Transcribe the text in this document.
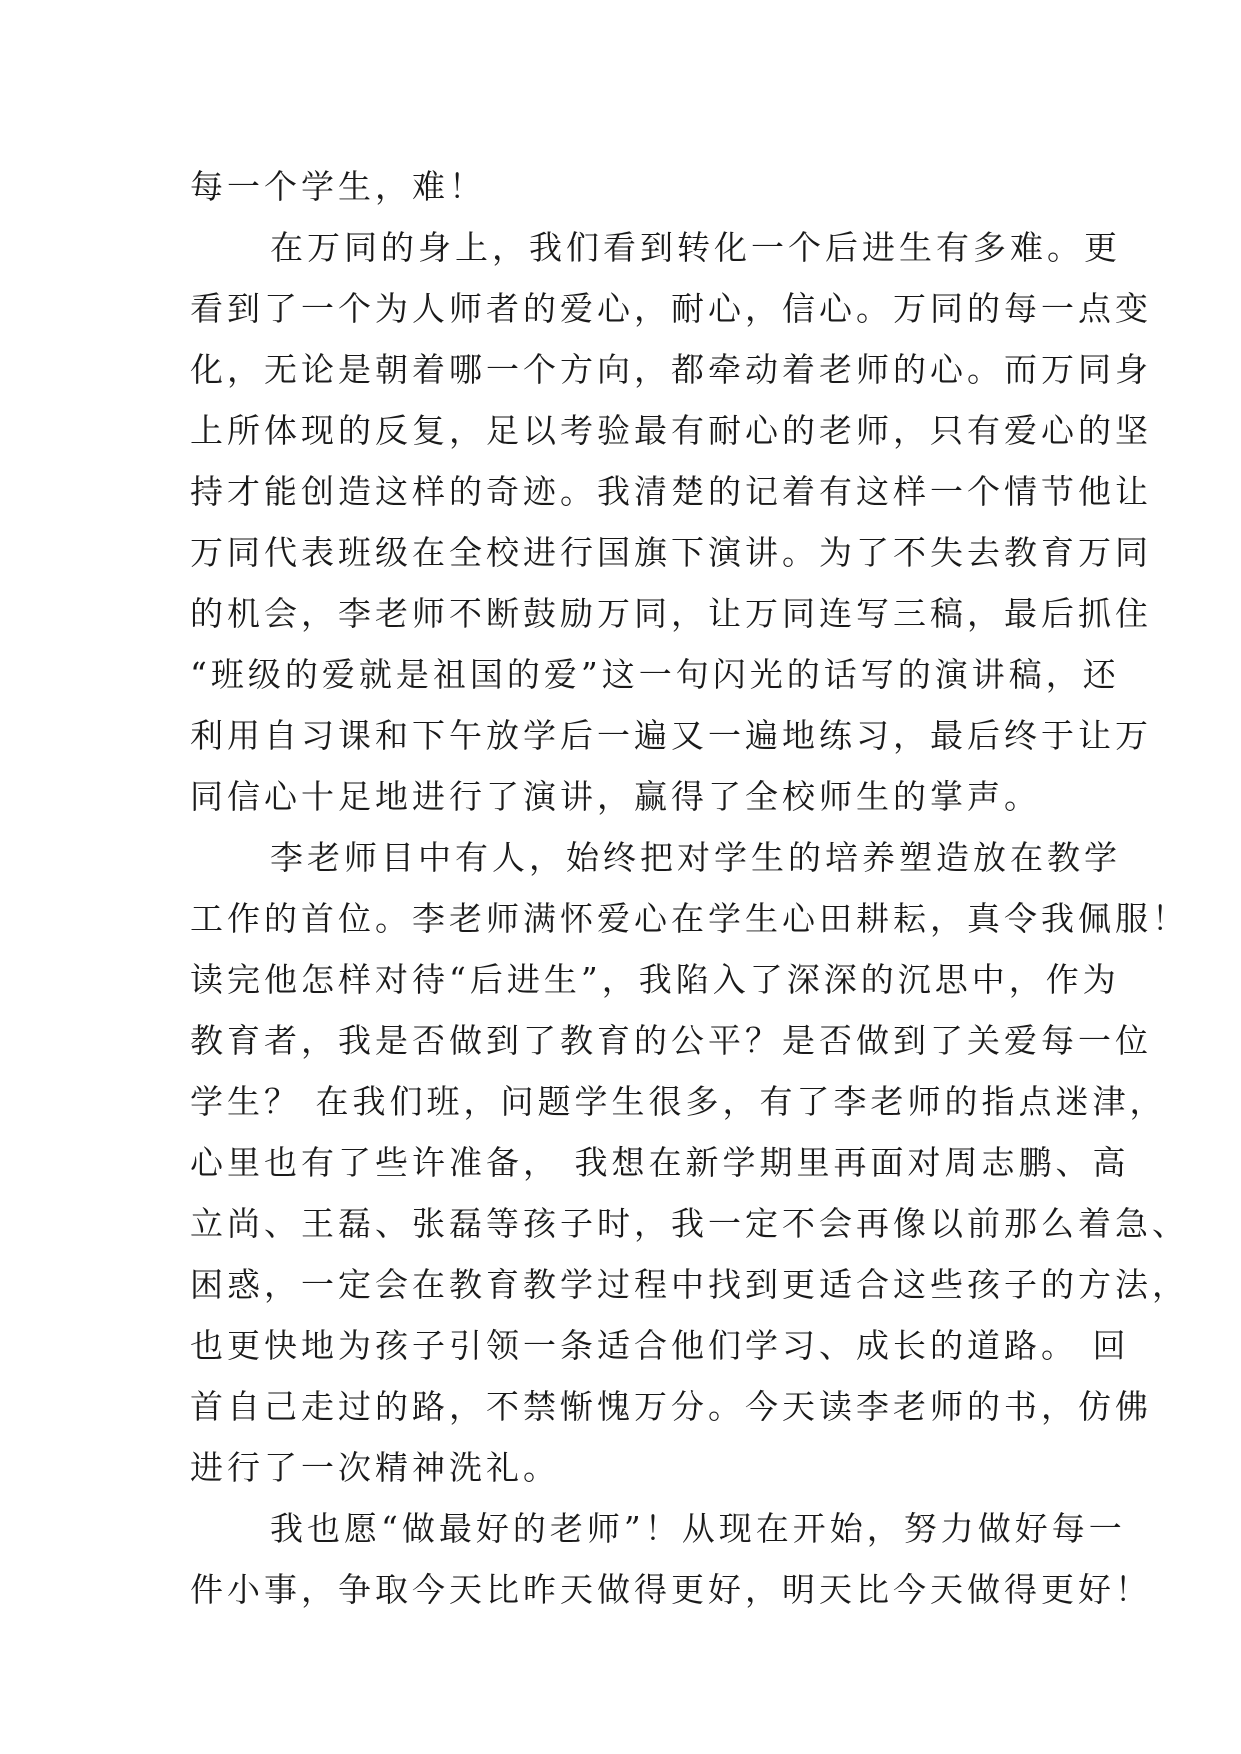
每一个学生，难！
在万同的身上，我们看到转化一个后进生有多难。更
看到了一个为人师者的爱心，耐心，信心。万同的每一点变
化，无论是朝着哪一个方向，都牵动着老师的心。而万同身
上所体现的反复，足以考验最有耐心的老师，只有爱心的坚
持才能创造这样的奇迹。我清楚的记着有这样一个情节他让
万同代表班级在全校进行国旗下演讲。为了不失去教育万同
的机会，李老师不断鼓励万同，让万同连写三稿，最后抓住
“班级的爱就是祖国的爱”这一句闪光的话写的演讲稿，还
利用自习课和下午放学后一遍又一遍地练习，最后终于让万
同信心十足地进行了演讲，赢得了全校师生的掌声。
李老师目中有人，始终把对学生的培养塑造放在教学
工作的首位。李老师满怀爱心在学生心田耕耘，真令我佩服！
读完他怎样对待“后进生”，我陷入了深深的沉思中，作为
教育者，我是否做到了教育的公平？是否做到了关爱每一位
学生？ 在我们班，问题学生很多，有了李老师的指点迷津，
心里也有了些许准备， 我想在新学期里再面对周志鹏、高
立尚、王磊、张磊等孩子时，我一定不会再像以前那么着急、
困惑，一定会在教育教学过程中找到更适合这些孩子的方法，
也更快地为孩子引领一条适合他们学习、成长的道路。 回
首自己走过的路，不禁惭愧万分。今天读李老师的书，仿佛
进行了一次精神洗礼。
我也愿“做最好的老师”！从现在开始，努力做好每一
件小事，争取今天比昨天做得更好，明天比今天做得更好！
